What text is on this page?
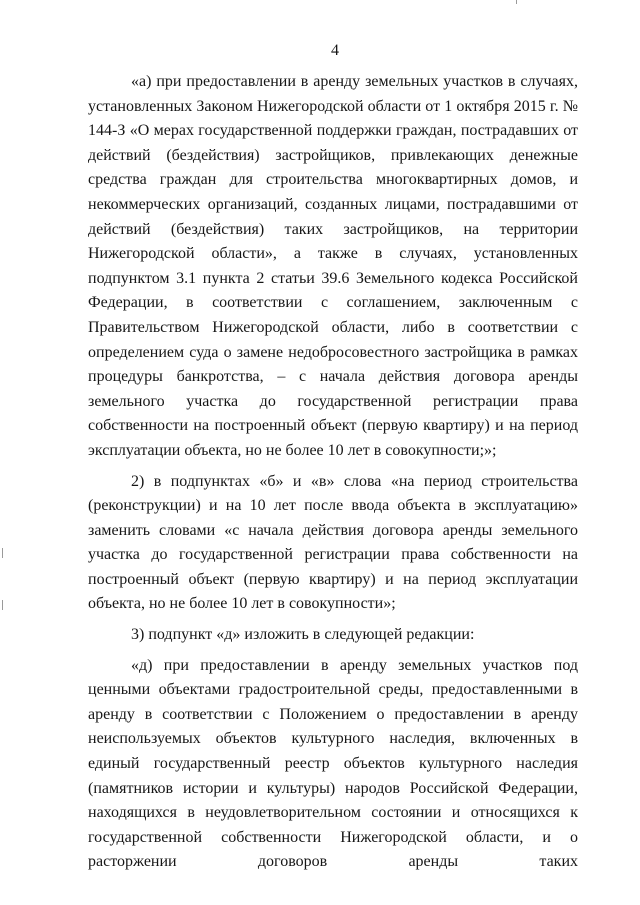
4

«а) при предоставлении в аренду земельных участков в случаях, установленных Законом Нижегородской области от 1 октября 2015 г. № 144-З «О мерах государственной поддержки граждан, пострадавших от действий (бездействия) застройщиков, привлекающих денежные средства граждан для строительства многоквартирных домов, и некоммерческих организаций, созданных лицами, пострадавшими от действий (бездействия) таких застройщиков, на территории Нижегородской области», а также в случаях, установленных подпунктом 3.1 пункта 2 статьи 39.6 Земельного кодекса Российской Федерации, в соответствии с соглашением, заключенным с Правительством Нижегородской области, либо в соответствии с определением суда о замене недобросовестного застройщика в рамках процедуры банкротства, – с начала действия договора аренды земельного участка до государственной регистрации права собственности на построенный объект (первую квартиру) и на период эксплуатации объекта, но не более 10 лет в совокупности;»;

2) в подпунктах «б» и «в» слова «на период строительства (реконструкции) и на 10 лет после ввода объекта в эксплуатацию» заменить словами «с начала действия договора аренды земельного участка до государственной регистрации права собственности на построенный объект (первую квартиру) и на период эксплуатации объекта, но не более 10 лет в совокупности»;

3) подпункт «д» изложить в следующей редакции:

«д) при предоставлении в аренду земельных участков под ценными объектами градостроительной среды, предоставленными в аренду в соответствии с Положением о предоставлении в аренду неиспользуемых объектов культурного наследия, включенных в единый государственный реестр объектов культурного наследия (памятников истории и культуры) народов Российской Федерации, находящихся в неудовлетворительном состоянии и относящихся к государственной собственности Нижегородской области, и о расторжении договоров аренды таких
